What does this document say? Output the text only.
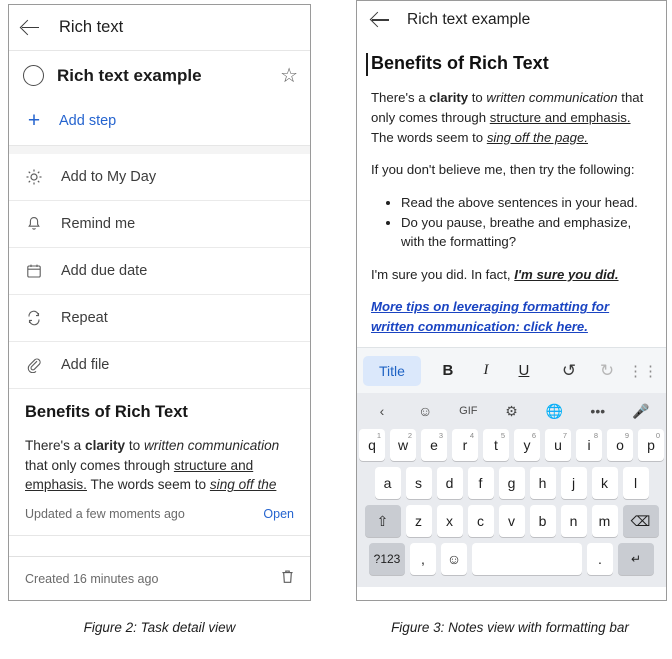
Rich text
Rich text example	☆
+ Add step
Add to My Day
Remind me
Add due date
Repeat
Add file
Benefits of Rich Text

There's a clarity to written communication that only comes through structure and emphasis. The words seem to sing off the

Updated a few moments ago	Open
Created 16 minutes ago
Rich text example
Benefits of Rich Text

There's a clarity to written communication that only comes through structure and emphasis. The words seem to sing off the page.

If you don't believe me, then try the following:

• Read the above sentences in your head.
• Do you pause, breathe and emphasize, with the formatting?

I'm sure you did. In fact, I'm sure you did.

More tips on leveraging formatting for written communication: click here.
Title	B	I	U	↺	↻ ⋮⋮
‹	☺	GIF	⚙	🌐	•••	🎤
1
q
2
w
3
e
4
r
5
t
6
y
7
u
8
i
9
o
0
p
a	s	d	f	g	h	j	k	l
⇧	z	x	c	v	b	n	m	⌫
?123	,	☺	.	↵
Figure 2: Task detail view	Figure 3: Notes view with formatting bar
